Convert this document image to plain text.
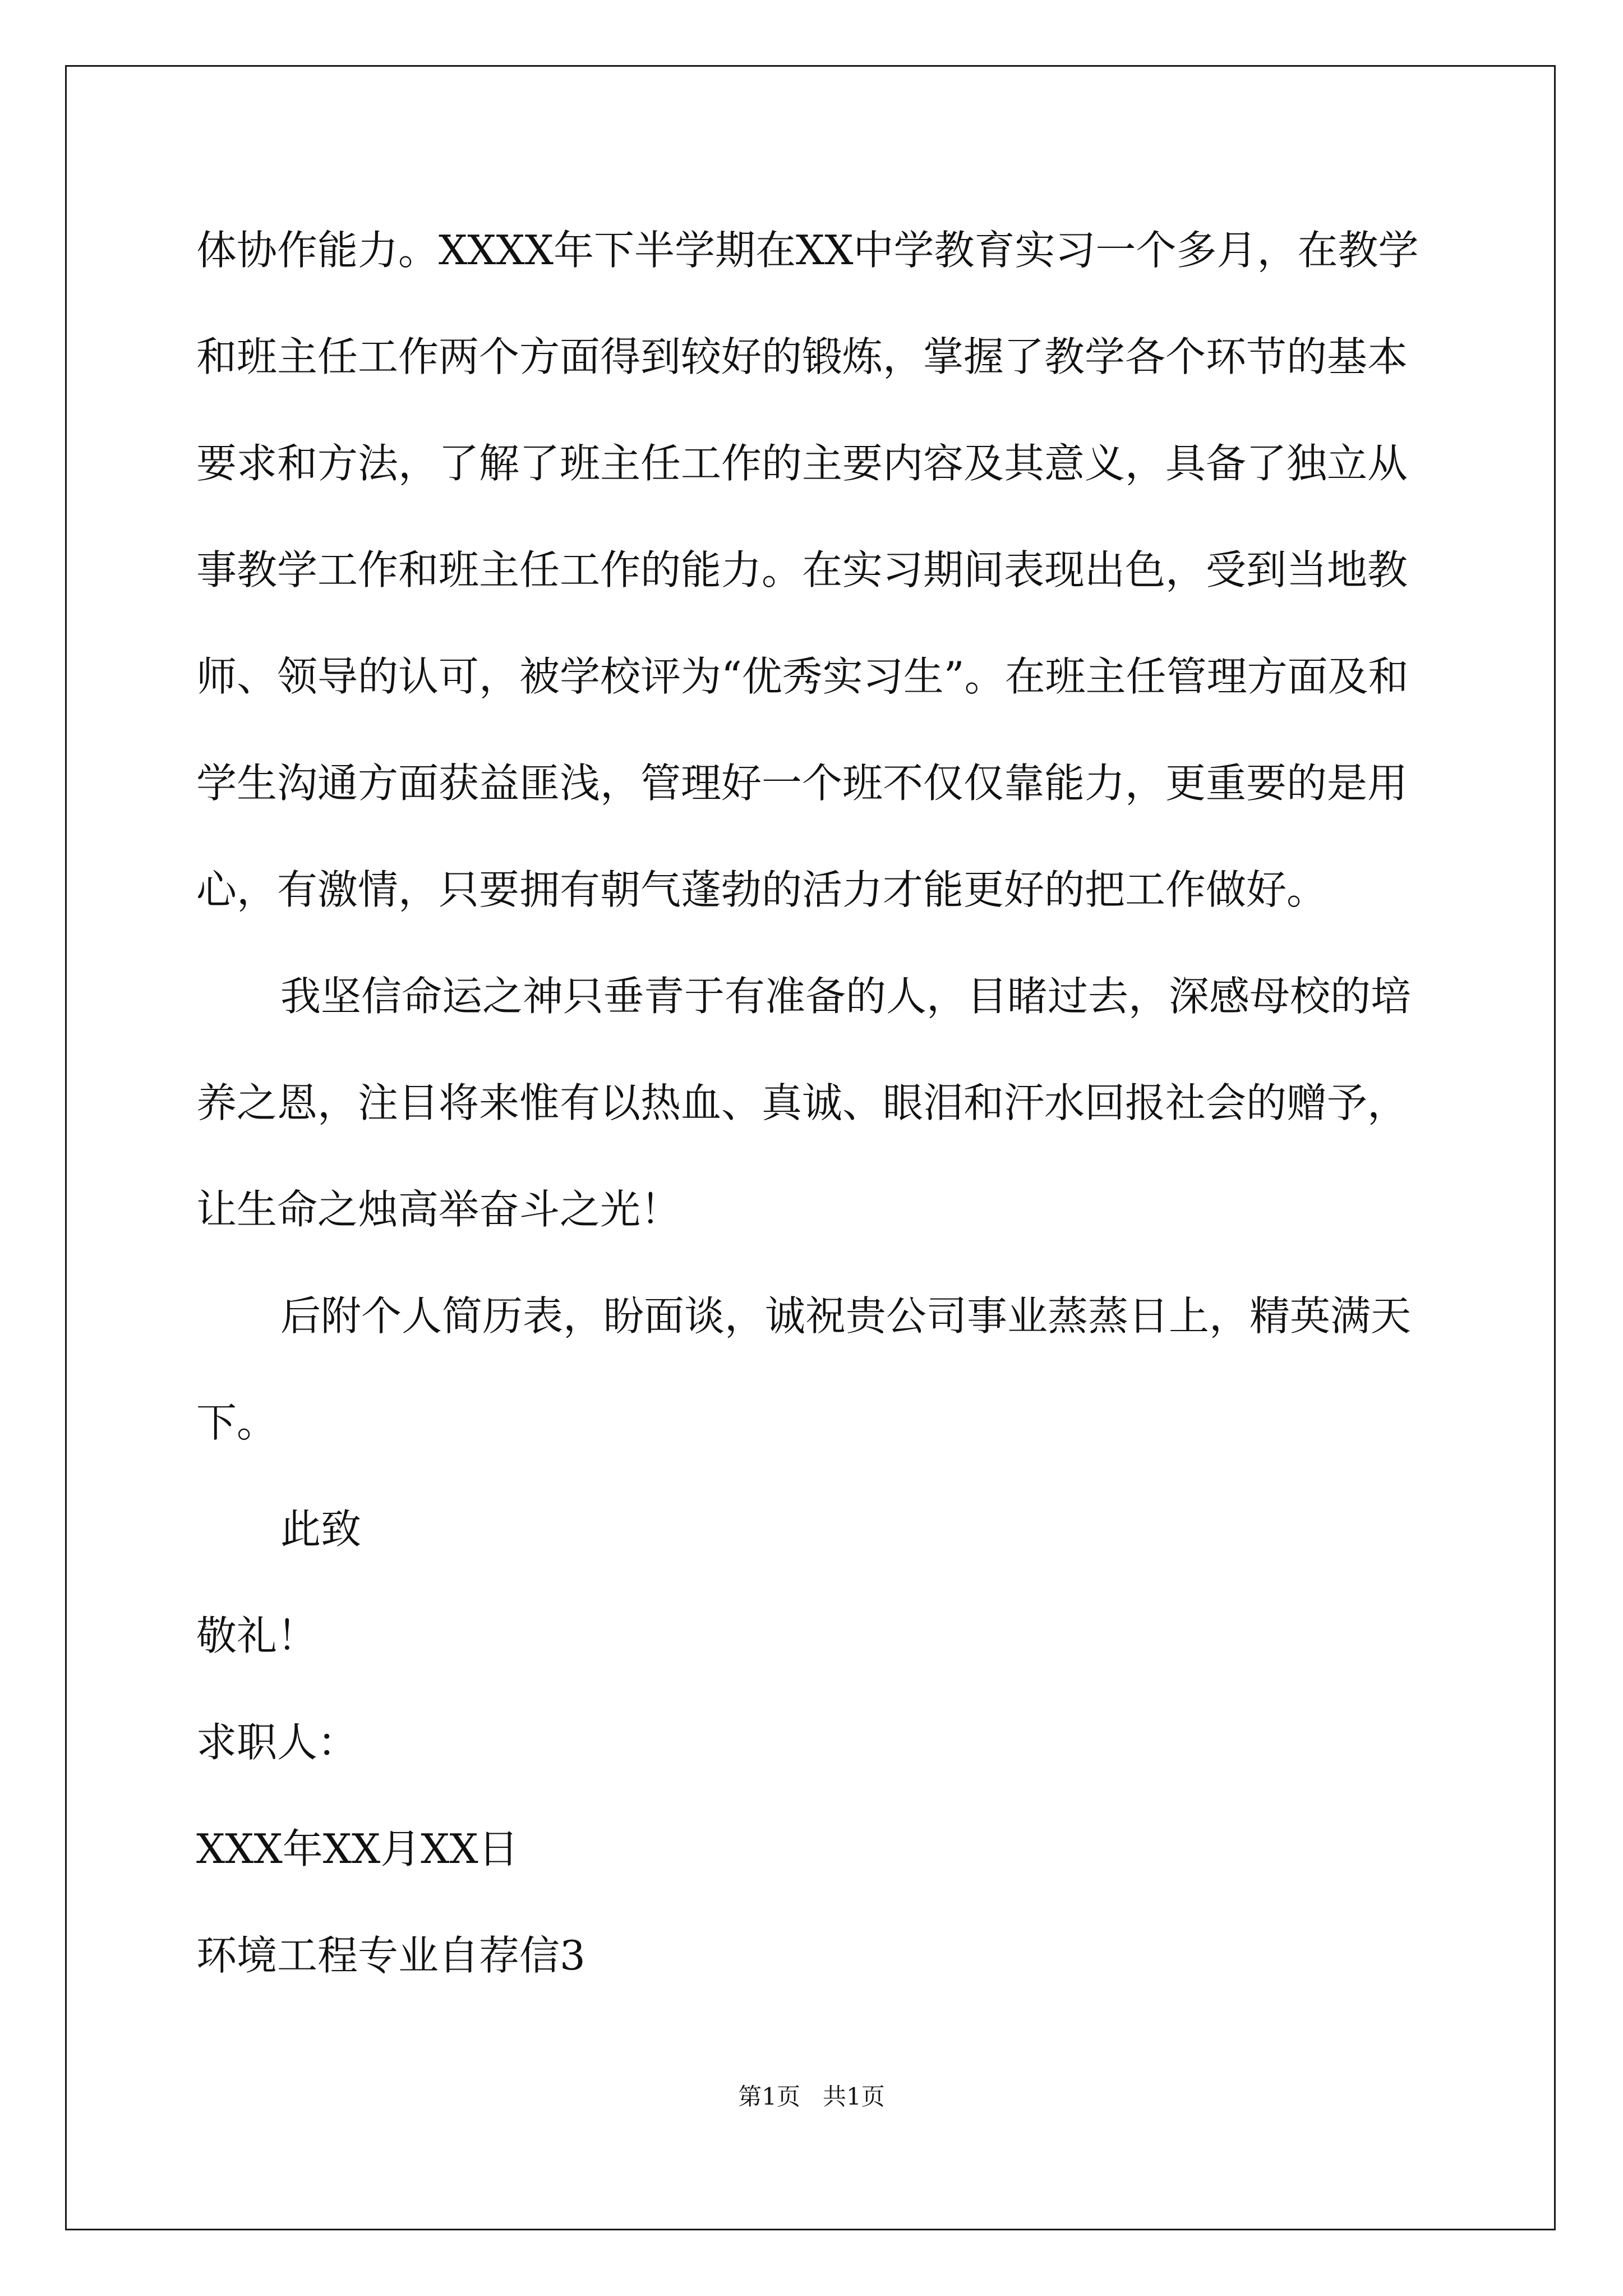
体协作能力。XXXX年下半学期在XX中学教育实习一个多月，在教学
和班主任工作两个方面得到较好的锻炼，掌握了教学各个环节的基本
要求和方法，了解了班主任工作的主要内容及其意义，具备了独立从
事教学工作和班主任工作的能力。在实习期间表现出色，受到当地教
师、领导的认可，被学校评为“优秀实习生”。在班主任管理方面及和
学生沟通方面获益匪浅，管理好一个班不仅仅靠能力，更重要的是用
心，有激情，只要拥有朝气蓬勃的活力才能更好的把工作做好。
我坚信命运之神只垂青于有准备的人，目睹过去，深感母校的培
养之恩，注目将来惟有以热血、真诚、眼泪和汗水回报社会的赠予，
让生命之烛高举奋斗之光！
后附个人简历表，盼面谈，诚祝贵公司事业蒸蒸日上，精英满天
下。
此致
敬礼！
求职人：
XXX年XX月XX日
环境工程专业自荐信3
第1页   共1页
